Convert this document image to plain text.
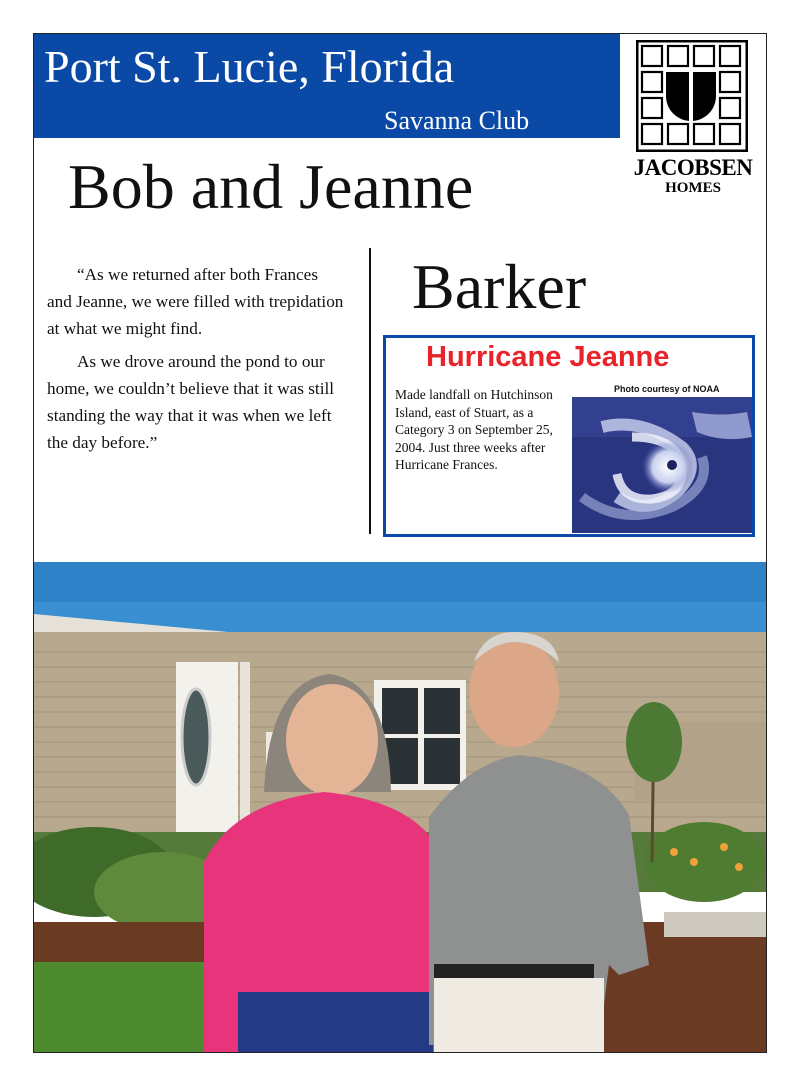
Port St. Lucie, Florida
Savanna Club
JACOBSEN
HOMES
Bob and Jeanne
Barker

“As we returned after both Frances and Jeanne, we were filled with trepidation at what we might find.

As we drove around the pond to our home, we couldn’t believe that it was still standing the way that it was when we left the day before.”

Hurricane Jeanne
Photo courtesy of NOAA
Made landfall on Hutchinson Island, east of Stuart, as a Category 3 on September 25, 2004. Just three weeks after Hurricane Frances.
